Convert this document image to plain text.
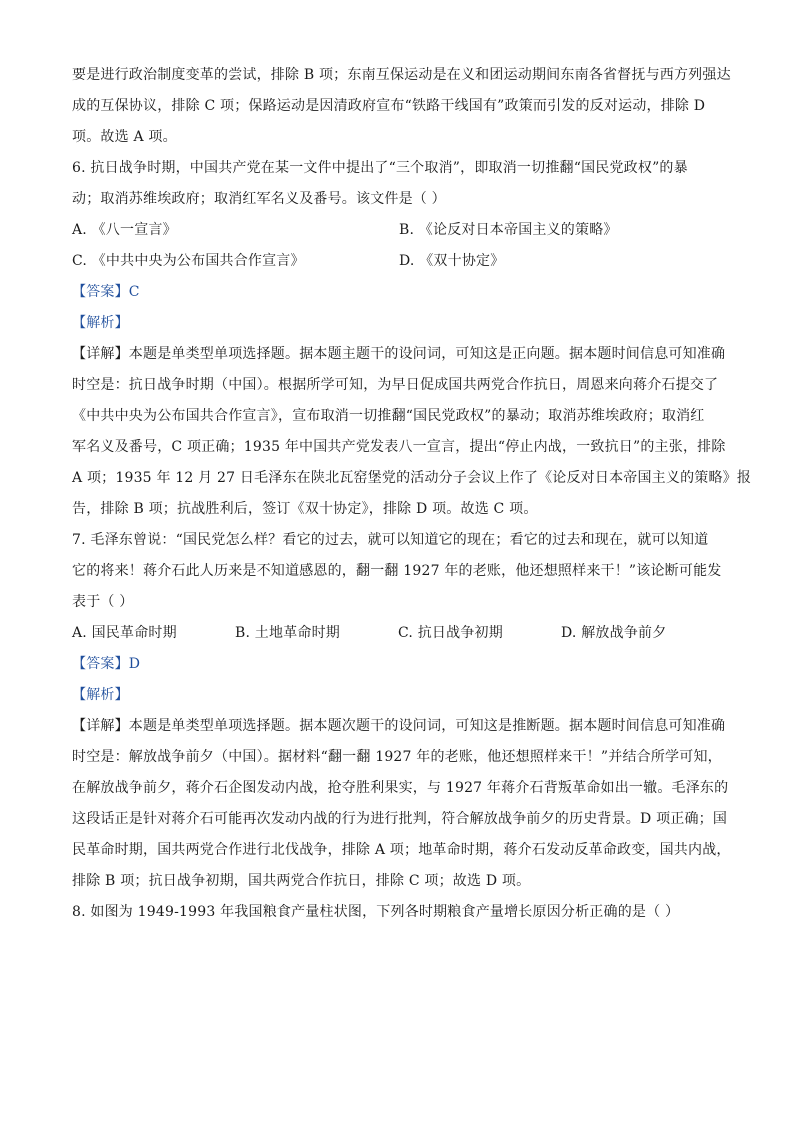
要是进行政治制度变革的尝试，排除 B 项；东南互保运动是在义和团运动期间东南各省督抚与西方列强达
成的互保协议，排除 C 项；保路运动是因清政府宣布“铁路干线国有”政策而引发的反对运动，排除 D
项。故选 A 项。
6. 抗日战争时期，中国共产党在某一文件中提出了“三个取消”，即取消一切推翻“国民党政权”的暴
动；取消苏维埃政府；取消红军名义及番号。该文件是（ ）
A. 《八一宣言》	B. 《论反对日本帝国主义的策略》
C. 《中共中央为公布国共合作宣言》	D. 《双十协定》
【答案】C
【解析】
【详解】本题是单类型单项选择题。据本题主题干的设问词，可知这是正向题。据本题时间信息可知准确
时空是：抗日战争时期（中国）。根据所学可知，为早日促成国共两党合作抗日，周恩来向蒋介石提交了
《中共中央为公布国共合作宣言》，宣布取消一切推翻“国民党政权”的暴动；取消苏维埃政府；取消红
军名义及番号，C 项正确；1935 年中国共产党发表八一宣言，提出“停止内战，一致抗日”的主张，排除
A 项；1935 年 12 月 27 日毛泽东在陕北瓦窑堡党的活动分子会议上作了《论反对日本帝国主义的策略》报
告，排除 B 项；抗战胜利后，签订《双十协定》，排除 D 项。故选 C 项。
7. 毛泽东曾说：“国民党怎么样？看它的过去，就可以知道它的现在；看它的过去和现在，就可以知道
它的将来！蒋介石此人历来是不知道感恩的，翻一翻 1927 年的老账，他还想照样来干！”该论断可能发
表于（ ）
A. 国民革命时期	B. 土地革命时期	C. 抗日战争初期	D. 解放战争前夕
【答案】D
【解析】
【详解】本题是单类型单项选择题。据本题次题干的设问词，可知这是推断题。据本题时间信息可知准确
时空是：解放战争前夕（中国）。据材料“翻一翻 1927 年的老账，他还想照样来干！”并结合所学可知，
在解放战争前夕，蒋介石企图发动内战，抢夺胜利果实，与 1927 年蒋介石背叛革命如出一辙。毛泽东的
这段话正是针对蒋介石可能再次发动内战的行为进行批判，符合解放战争前夕的历史背景。D 项正确；国
民革命时期，国共两党合作进行北伐战争，排除 A 项；地革命时期，蒋介石发动反革命政变，国共内战，
排除 B 项；抗日战争初期，国共两党合作抗日，排除 C 项；故选 D 项。
8. 如图为 1949-1993 年我国粮食产量柱状图，下列各时期粮食产量增长原因分析正确的是（ ）
